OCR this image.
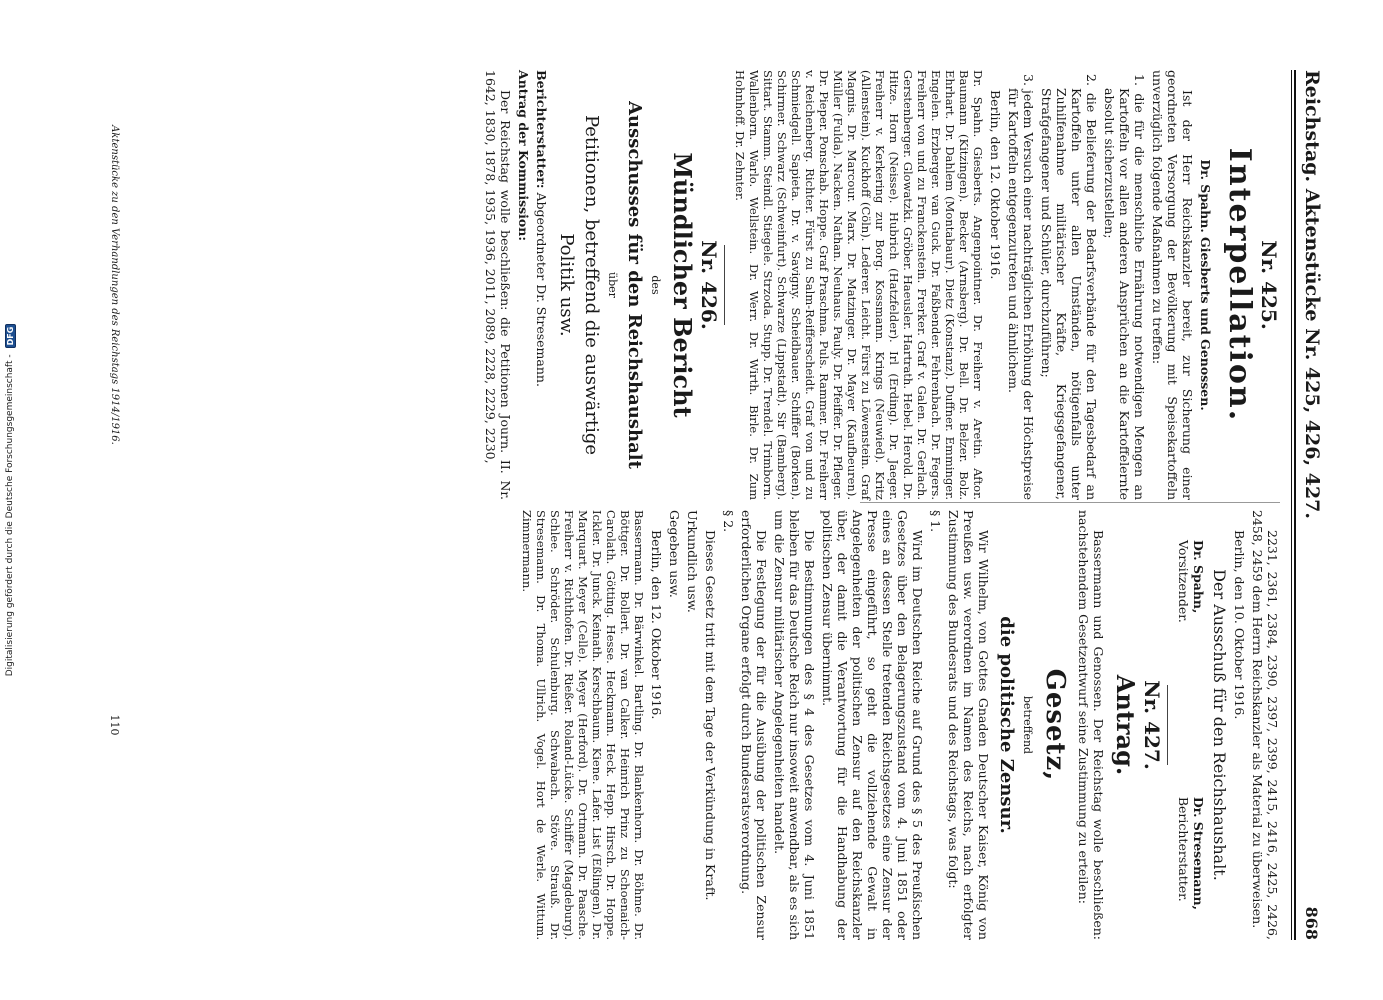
Digitalisierung gefördert durch die Deutsche Forschungsgemeinschaft -
DFG	Reichstag. Aktenstücke Nr. 425, 426, 427.
868
Nr. 425.
Interpellation.

Dr. Spahn. Giesberts und Genossen.

Ist der Herr Reichskanzler bereit, zur Sicherung einer geordneten Versorgung der Bevölkerung mit Speisekartoffeln unverzüglich folgende Maßnahmen zu treffen:

1. die für die menschliche Ernährung notwendigen Mengen an Kartoffeln vor allen anderen Ansprüchen an die Kartoffelernte absolut sicherzustellen;

2. die Belieferung der Bedarfsverbände für den Tagesbedarf an Kartoffeln unter allen Umständen, nötigenfalls unter Zuhilfenahme militärischer Kräfte, Kriegsgefangener, Strafgefangener und Schüler, durchzuführen;

3. jedem Versuch einer nachträglichen Erhöhung der Höchstpreise für Kartoffeln entgegenzutreten und ähnlichem.

Berlin, den 12. Oktober 1916.

Dr. Spahn. Giesberts. Angenpointner. Dr. Freiherr v. Aretin. Aftor. Baumann (Kitzingen). Becker (Arnsberg). Dr. Bell. Dr. Belzer. Bolz. Ehrhart. Dr. Dahlem (Montabaur). Dietz (Konstanz). Duffner. Emminger. Engelen. Erzberger. van Guck. Dr. Faßbender. Fehrenbach. Dr. Fegers. Freiherr von und zu Franckenstein. Frerker. Graf v. Galen. Dr. Gerlach. Gerstenberger. Glowatzki. Gröber. Haeusler. Hartrath. Hebel. Herold. Dr. Hitze. Horn (Neisse). Hubrich (Hatzfelder). Irl (Erding). Dr. Jaeger. Freiherr v. Kerkering zur Borg. Kossmann. Krings (Neuwied). Kritz (Allenstein). Kuckhoff (Cöln). Lederer. Leicht. Fürst zu Löwenstein. Graf Magnis. Dr. Marcour. Marx. Dr. Matzinger. Dr. Mayer (Kaufbeuren). Müller (Fulda). Nacken. Nathan. Neuhaus. Pauly. Dr. Pfeiffer. Dr. Pfleger. Dr. Pieper. Ponschab. Hoppe. Graf Praschma. Puls. Rammer. Dr. Freiherr v. Reichenberg. Richter. Fürst zu Salm-Reifferscheidt. Graf von und zu Schmiedgell. Sapieta. Dr. v. Savigny. Scheidbauer. Schiffer (Borken). Schirmer. Schwarz (Schweinfurt). Schwarze (Lippstadt). Sir (Bamberg). Sittart. Stamm. Steindl. Stiegele. Strzoda. Stupp. Dr. Trendel. Trimborn. Wallenborn. Warlo. Wellstein. Dr. Werr. Dr. Wirth. Birle. Dr. Zum Hohnhoff. Dr. Zehnter.

Nr. 426.
Mündlicher Bericht
des
Ausschusses für den Reichshaushalt
über
Petitionen, betreffend die auswärtige
Politik usw.

Berichterstatter: Abgeordneter Dr. Stresemann.

Antrag der Kommission:

Der Reichstag wolle beschließen: die Petitionen Journ. II. Nr. 1642, 1830, 1878, 1935, 1936, 2011, 2089, 2228, 2229, 2230,

2231, 2361, 2384, 2390, 2397, 2399, 2415, 2416, 2425, 2426, 2458, 2459 dem Herrn Reichskanzler als Material zu überweisen.

Berlin, den 10. Oktober 1916.

Der Ausschuß für den Reichshaushalt.

Dr. Spahn,
Vorsitzender.
Dr. Stresemann,
Berichterstatter.
Nr. 427.
Antrag.

Bassermann und Genossen. Der Reichstag wolle beschließen: nachstehendem Gesetzentwurf seine Zustimmung zu erteilen:

Gesetz,
betreffend
die politische Zensur.

Wir Wilhelm, von Gottes Gnaden Deutscher Kaiser, König von Preußen usw. verordnen im Namen des Reichs, nach erfolgter Zustimmung des Bundesrats und des Reichstags, was folgt:

§ 1.

Wird im Deutschen Reiche auf Grund des § 5 des Preußischen Gesetzes über den Belagerungszustand vom 4. Juni 1851 oder eines an dessen Stelle tretenden Reichsgesetzes eine Zensur der Presse eingeführt, so geht die vollziehende Gewalt in Angelegenheiten der politischen Zensur auf den Reichskanzler über, der damit die Verantwortung für die Handhabung der politischen Zensur übernimmt.

Die Bestimmungen des § 4 des Gesetzes vom 4. Juni 1851 bleiben für das Deutsche Reich nur insoweit anwendbar, als es sich um die Zensur militärischer Angelegenheiten handelt.

Die Festlegung der für die Ausübung der politischen Zensur erforderlichen Organe erfolgt durch Bundesratsverordnung.

§ 2.

Dieses Gesetz tritt mit dem Tage der Verkündung in Kraft.

Urkundlich usw.

Gegeben usw.

Berlin, den 12. Oktober 1916.

Bassermann. Dr. Bärwinkel. Bartling. Dr. Blankenhorn. Dr. Böhme. Dr. Böttger. Dr. Bollert. Dr. van Calker. Heinrich Prinz zu Schoenaich-Carolath. Götting. Hesse. Heckmann. Heck. Hepp. Hirsch. Dr. Hoppe. Ickler. Dr. Junck. Keinath. Kerschbaum. Kiene. Lafer. List (Eßlingen). Dr. Marquart. Meyer (Celle). Meyer (Herford). Dr. Ortmann. Dr. Paasche. Freiherr v. Richthofen. Dr. Rießer. Roland-Lücke. Schiffer (Magdeburg). Schlee. Schröder. Schulenburg. Schwabach. Stöve. Strauß. Dr. Stresemann. Dr. Thoma. Ullrich. Vogel. Hort de Werle. Wittum. Zimmermann.

Aktenstücke zu den Verhandlungen des Reichstags 1914/1916.
110
